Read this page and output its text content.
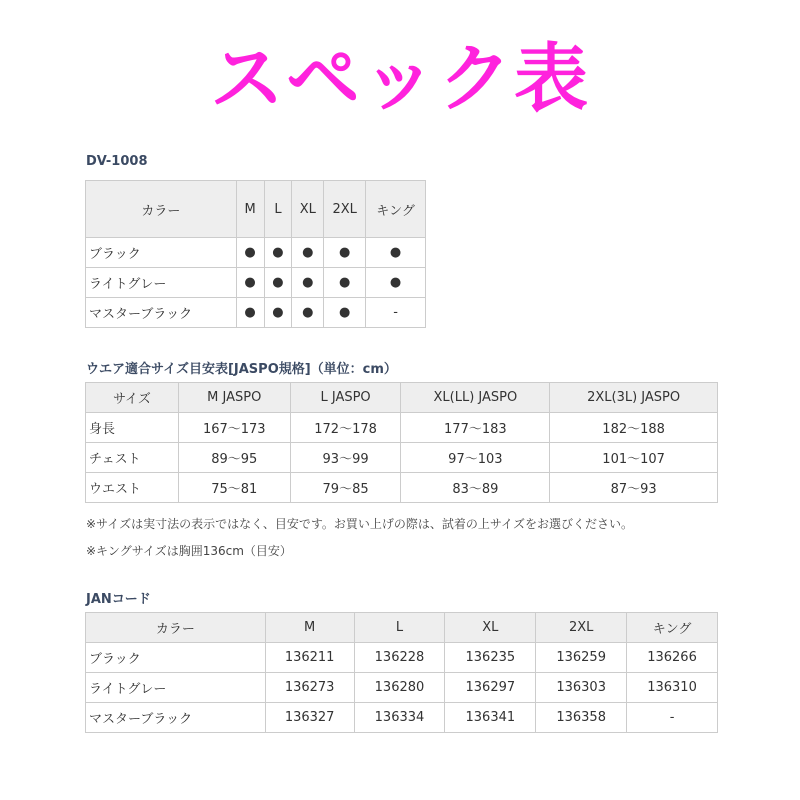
スペック表
DV-1008
カラー	M	L	XL	2XL	キング
ブラック	●	●	●	●	●
ライトグレー	●	●	●	●	●
マスターブラック	●	●	●	●	-
ウエア適合サイズ目安表[JASPO規格]（単位：cm）
サイズ	M JASPO	L JASPO	XL(LL) JASPO	2XL(3L) JASPO
身長	167～173	172～178	177～183	182～188
チェスト	89～95	93～99	97～103	101～107
ウエスト	75～81	79～85	83～89	87～93
※サイズは実寸法の表示ではなく、目安です。お買い上げの際は、試着の上サイズをお選びください。
※キングサイズは胸囲136cm（目安）
JANコード
カラー	M	L	XL	2XL	キング
ブラック	136211	136228	136235	136259	136266
ライトグレー	136273	136280	136297	136303	136310
マスターブラック	136327	136334	136341	136358	-
